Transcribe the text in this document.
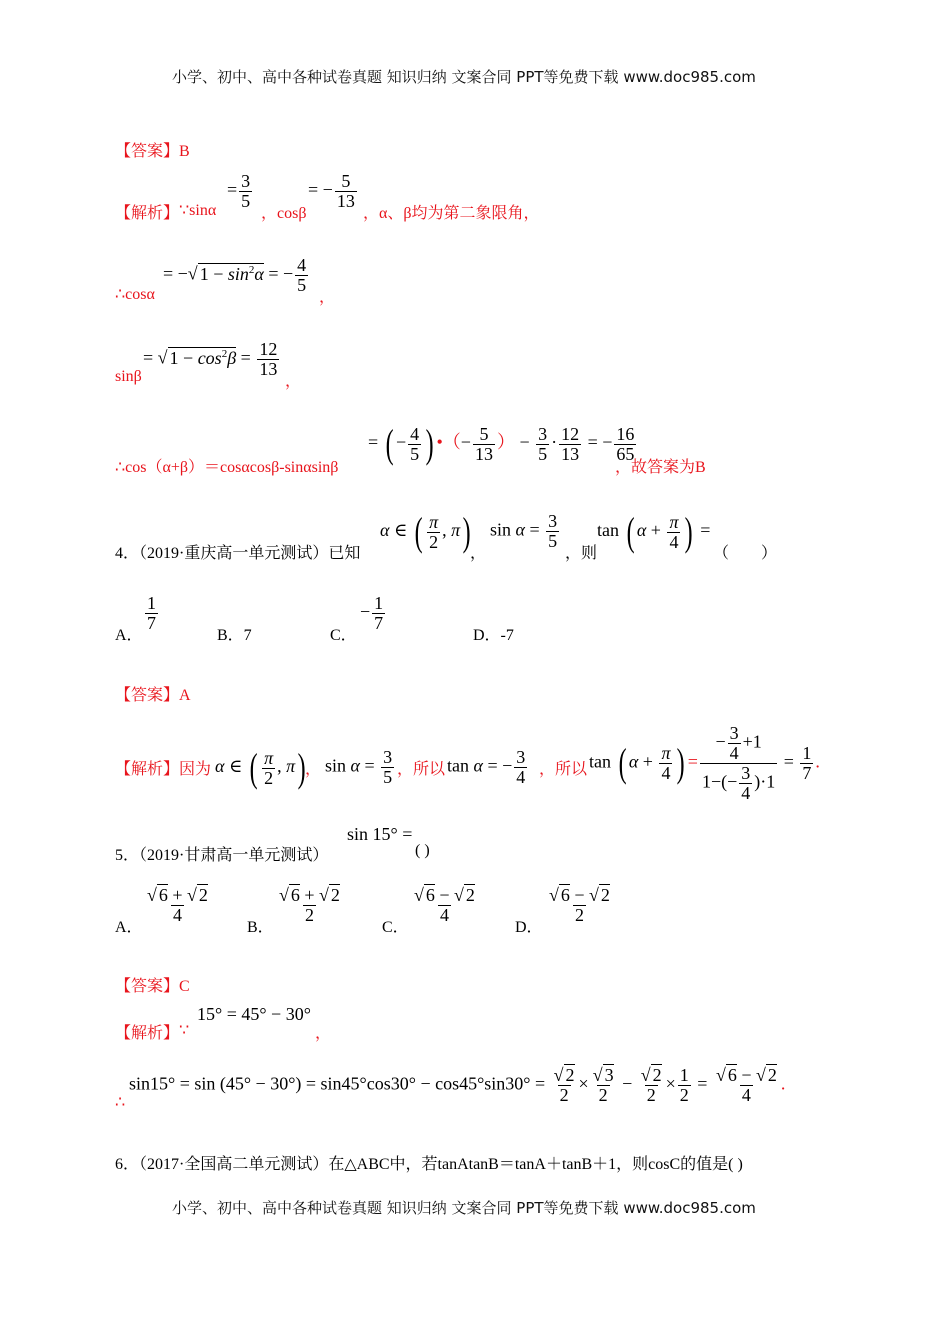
小学、初中、高中各种试卷真题 知识归纳 文案合同 PPT等免费下载 www.doc985.com
【答案】B
【解析】 ∵sinα
= $\frac{3}{5}$
，cosβ
= − $\frac{5}{13}$
，α、β均为第二象限角，
∴cosα
= −√ $1 - \sin^2\alpha$ = − $\frac{4}{5}$
，
sinβ
= √ $1 - \cos^2\beta = \frac{12}{13}$
，
∴cos（α+β）＝cosαcosβ-sinαsinβ
= ( − $\frac{4}{5}$ ) •（− $\frac{5}{13}$ ） − $\frac{3}{5} \cdot \frac{12}{13}$ = − $\frac{16}{65}$
，故答案为B
4．（2019·重庆高一单元测试）已知
α ∈ ( $\frac{\pi}{2}$ , π) ，
$\sin \alpha = \frac{3}{5}$
，则
tan ( $\alpha + \frac{\pi}{4}$ ) =
（　　）
A．
$\frac{1}{7}$
B．7	C．
− $\frac{1}{7}$
D．-7
【答案】A
【解析】 因为 α ∈ ( $\frac{\pi}{2}$ , π) ， $\sin \alpha = \frac{3}{5}$ ，所以 tan α = − $\frac{3}{4}$ ，所以 tan ( $\alpha + \frac{\pi}{4}$ ) = $\frac{- \frac{3}{4} +1}{1-(- \frac{3}{4} )\cdot 1} = \frac{1}{7}$ .
5．（2019·甘肃高一单元测试）
sin 15° =
( )
A．
$\frac{√ 6 + √ 2}{4}$
B．
$\frac{√ 6 + √ 2}{2}$
C．
$\frac{√ 6 - √ 2}{4}$
D．
$\frac{√ 6 - √ 2}{2}$
【答案】C
【解析】 ∵
15° = 45° − 30°
，
∴
$\sin 15^\circ = \sin (45^\circ - 30^\circ) = \sin 45^\circ\cos 30^\circ - \cos 45^\circ\sin 30^\circ = \frac{√ 2}{2} \times \frac{√ 3}{2} - \frac{√ 2}{2} \times \frac{1}{2} = \frac{√ 6 - √ 2}{4}$ .
6．（2017·全国高二单元测试）在△ABC中，若tanAtanB＝tanA＋tanB＋1，则cosC的值是( )
小学、初中、高中各种试卷真题 知识归纳 文案合同 PPT等免费下载 www.doc985.com
